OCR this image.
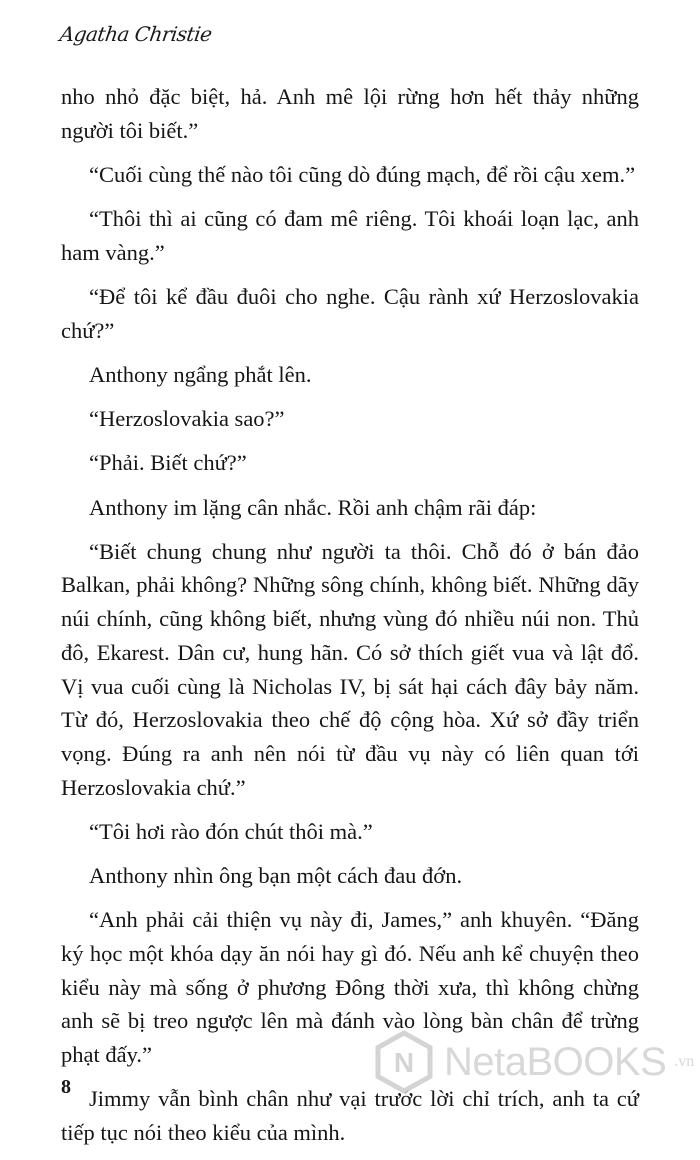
Agatha Christie

nho nhỏ đặc biệt, hả. Anh mê lội rừng hơn hết thảy những người tôi biết.”

“Cuối cùng thế nào tôi cũng dò đúng mạch, để rồi cậu xem.”

“Thôi thì ai cũng có đam mê riêng. Tôi khoái loạn lạc, anh ham vàng.”

“Để tôi kể đầu đuôi cho nghe. Cậu rành xứ Herzoslovakia chứ?”

Anthony ngẩng phắt lên.

“Herzoslovakia sao?”

“Phải. Biết chứ?”

Anthony im lặng cân nhắc. Rồi anh chậm rãi đáp:

“Biết chung chung như người ta thôi. Chỗ đó ở bán đảo Balkan, phải không? Những sông chính, không biết. Những dãy núi chính, cũng không biết, nhưng vùng đó nhiều núi non. Thủ đô, Ekarest. Dân cư, hung hãn. Có sở thích giết vua và lật đổ. Vị vua cuối cùng là Nicholas IV, bị sát hại cách đây bảy năm. Từ đó, Herzoslovakia theo chế độ cộng hòa. Xứ sở đầy triển vọng. Đúng ra anh nên nói từ đầu vụ này có liên quan tới Herzoslovakia chứ.”

“Tôi hơi rào đón chút thôi mà.”

Anthony nhìn ông bạn một cách đau đớn.

“Anh phải cải thiện vụ này đi, James,” anh khuyên. “Đăng ký học một khóa dạy ăn nói hay gì đó. Nếu anh kể chuyện theo kiểu này mà sống ở phương Đông thời xưa, thì không chừng anh sẽ bị treo ngược lên mà đánh vào lòng bàn chân để trừng phạt đấy.”

Jimmy vẫn bình chân như vại trước lời chỉ trích, anh ta cứ tiếp tục nói theo kiểu của mình.

8
N NetaBOOKS .vn
